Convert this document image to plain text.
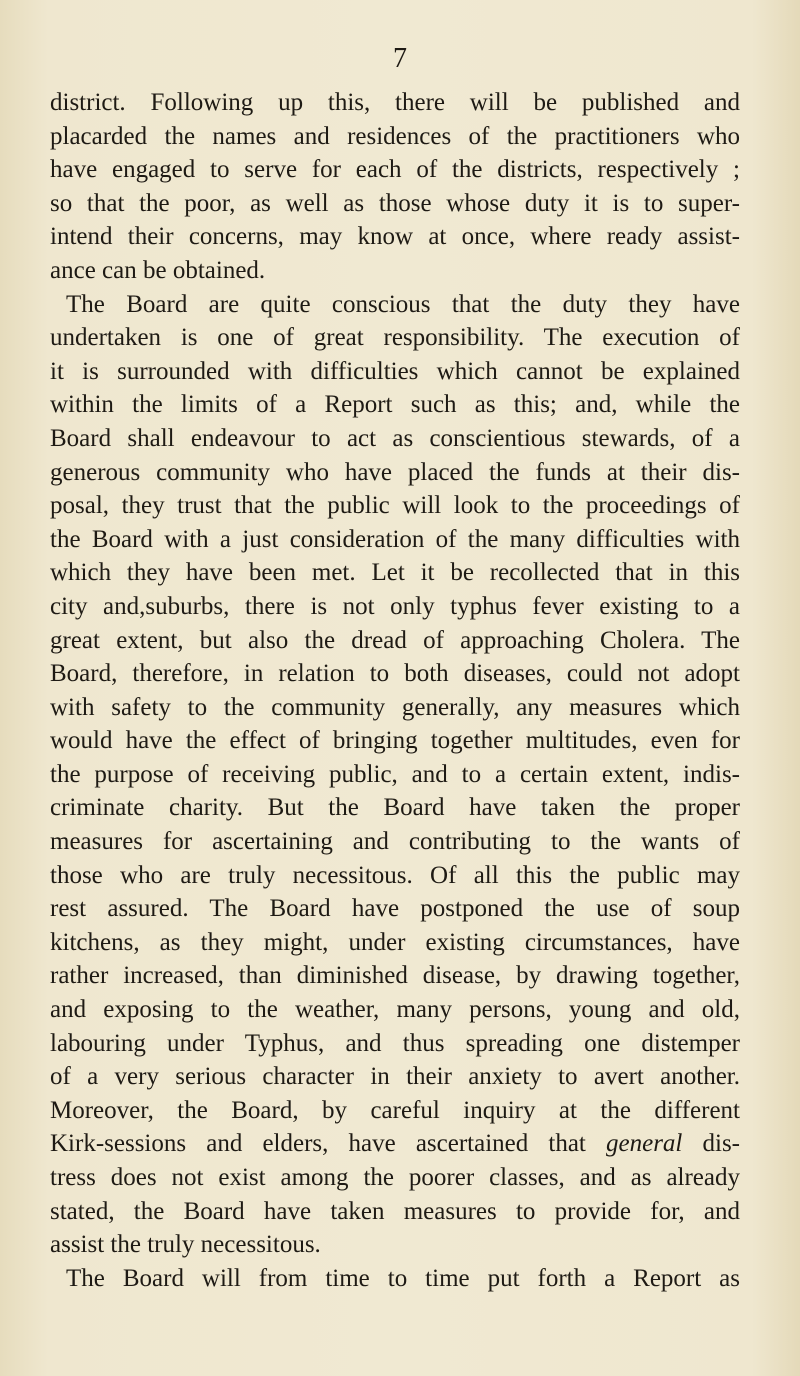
7
district. Following up this, there will be published and
placarded the names and residences of the practitioners who
have engaged to serve for each of the districts, respectively ;
so that the poor, as well as those whose duty it is to super-
intend their concerns, may know at once, where ready assist-
ance can be obtained.
The Board are quite conscious that the duty they have
undertaken is one of great responsibility. The execution of
it is surrounded with difficulties which cannot be explained
within the limits of a Report such as this; and, while the
Board shall endeavour to act as conscientious stewards, of a
generous community who have placed the funds at their dis-
posal, they trust that the public will look to the proceedings of
the Board with a just consideration of the many difficulties with
which they have been met. Let it be recollected that in this
city and,suburbs, there is not only typhus fever existing to a
great extent, but also the dread of approaching Cholera. The
Board, therefore, in relation to both diseases, could not adopt
with safety to the community generally, any measures which
would have the effect of bringing together multitudes, even for
the purpose of receiving public, and to a certain extent, indis-
criminate charity. But the Board have taken the proper
measures for ascertaining and contributing to the wants of
those who are truly necessitous. Of all this the public may
rest assured. The Board have postponed the use of soup
kitchens, as they might, under existing circumstances, have
rather increased, than diminished disease, by drawing together,
and exposing to the weather, many persons, young and old,
labouring under Typhus, and thus spreading one distemper
of a very serious character in their anxiety to avert another.
Moreover, the Board, by careful inquiry at the different
Kirk-sessions and elders, have ascertained that general dis-
tress does not exist among the poorer classes, and as already
stated, the Board have taken measures to provide for, and
assist the truly necessitous.
The Board will from time to time put forth a Report as
